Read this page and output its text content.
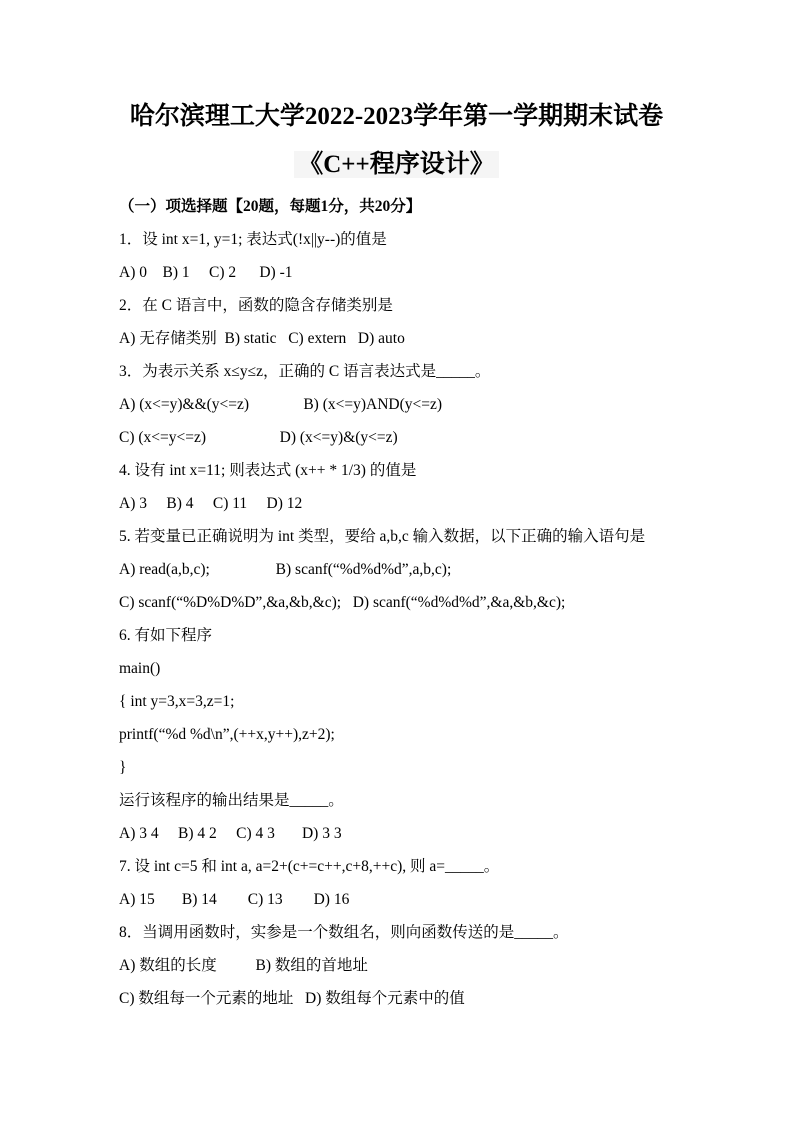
哈尔滨理工大学2022-2023学年第一学期期末试卷
《C++程序设计》
（一）项选择题【20题，每题1分，共20分】
1．设 int x=1, y=1; 表达式(!x||y--)的值是
A) 0    B) 1     C) 2      D) -1
2．在 C 语言中，函数的隐含存储类别是
A) 无存储类别  B) static   C) extern   D) auto
3．为表示关系 x≤y≤z，正确的 C 语言表达式是_____。
A) (x<=y)&&(y<=z)              B) (x<=y)AND(y<=z)
C) (x<=y<=z)                   D) (x<=y)&(y<=z)
4. 设有 int x=11; 则表达式 (x++ * 1/3) 的值是
A) 3     B) 4     C) 11     D) 12
5. 若变量已正确说明为 int 类型，要给 a,b,c 输入数据，以下正确的输入语句是
A) read(a,b,c);                 B) scanf(“%d%d%d”,a,b,c);
C) scanf(“%D%D%D”,&a,&b,&c);   D) scanf(“%d%d%d”,&a,&b,&c);
6. 有如下程序
main()
{ int y=3,x=3,z=1;
printf(“%d %d\n”,(++x,y++),z+2);
}
运行该程序的输出结果是_____。
A) 3 4     B) 4 2     C) 4 3       D) 3 3
7. 设 int c=5 和 int a, a=2+(c+=c++,c+8,++c), 则 a=_____。
A) 15       B) 14        C) 13        D) 16
8．当调用函数时，实参是一个数组名，则向函数传送的是_____。
A) 数组的长度          B) 数组的首地址
C) 数组每一个元素的地址   D) 数组每个元素中的值
